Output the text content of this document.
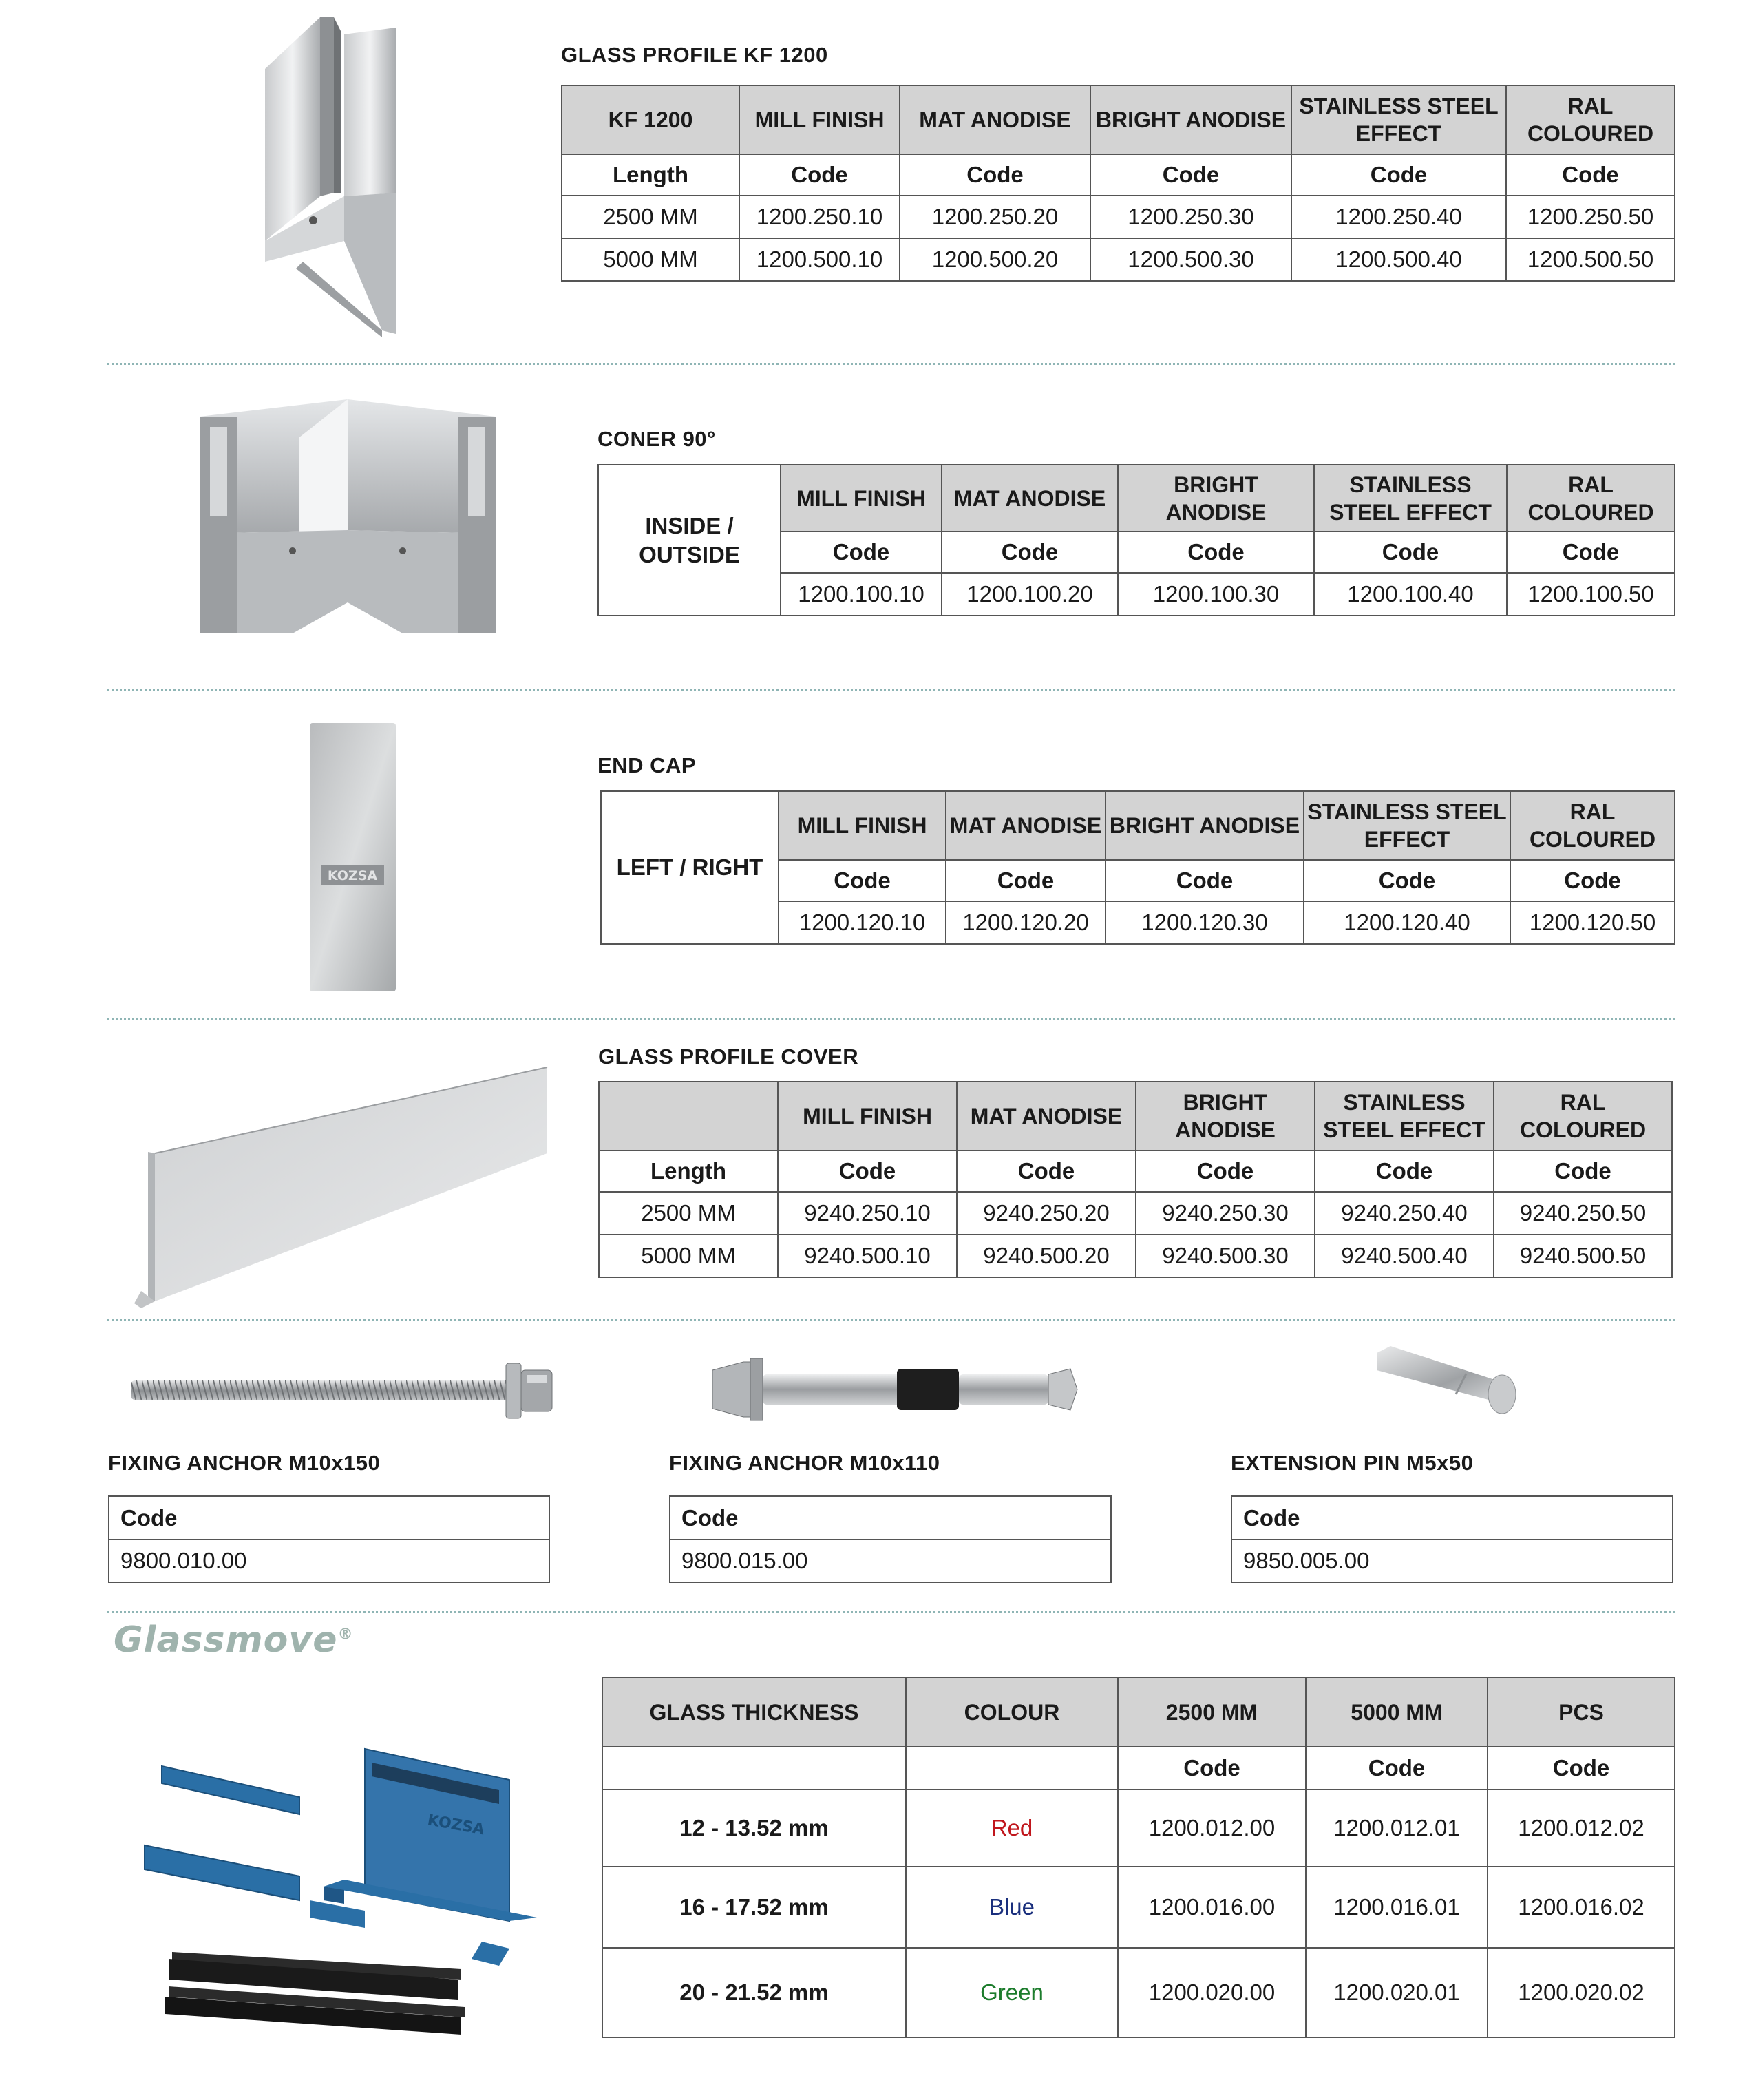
GLASS PROFILE KF 1200
KF 1200	MILL FINISH	MAT ANODISE	BRIGHT ANODISE	STAINLESS STEEL EFFECT	RAL COLOURED
Length	Code	Code	Code	Code	Code
2500 MM	1200.250.10	1200.250.20	1200.250.30	1200.250.40	1200.250.50
5000 MM	1200.500.10	1200.500.20	1200.500.30	1200.500.40	1200.500.50
CONER 90°
INSIDE / OUTSIDE	MILL FINISH	MAT ANODISE	BRIGHT ANODISE	STAINLESS STEEL EFFECT	RAL COLOURED
	Code	Code	Code	Code	Code
	1200.100.10	1200.100.20	1200.100.30	1200.100.40	1200.100.50
KOZSA
END CAP
LEFT / RIGHT	MILL FINISH	MAT ANODISE	BRIGHT ANODISE	STAINLESS STEEL EFFECT	RAL COLOURED
	Code	Code	Code	Code	Code
	1200.120.10	1200.120.20	1200.120.30	1200.120.40	1200.120.50
GLASS PROFILE COVER
	MILL FINISH	MAT ANODISE	BRIGHT ANODISE	STAINLESS STEEL EFFECT	RAL COLOURED
Length	Code	Code	Code	Code	Code
2500 MM	9240.250.10	9240.250.20	9240.250.30	9240.250.40	9240.250.50
5000 MM	9240.500.10	9240.500.20	9240.500.30	9240.500.40	9240.500.50
FIXING ANCHOR M10x150
Code
9800.010.00
FIXING ANCHOR M10x110
Code
9800.015.00
EXTENSION PIN M5x50
Code
9850.005.00
Glassmove®
KOZSA
GLASS THICKNESS	COLOUR	2500 MM	5000 MM	PCS
		Code	Code	Code
12 - 13.52 mm	Red	1200.012.00	1200.012.01	1200.012.02
16 - 17.52 mm	Blue	1200.016.00	1200.016.01	1200.016.02
20 - 21.52 mm	Green	1200.020.00	1200.020.01	1200.020.02
